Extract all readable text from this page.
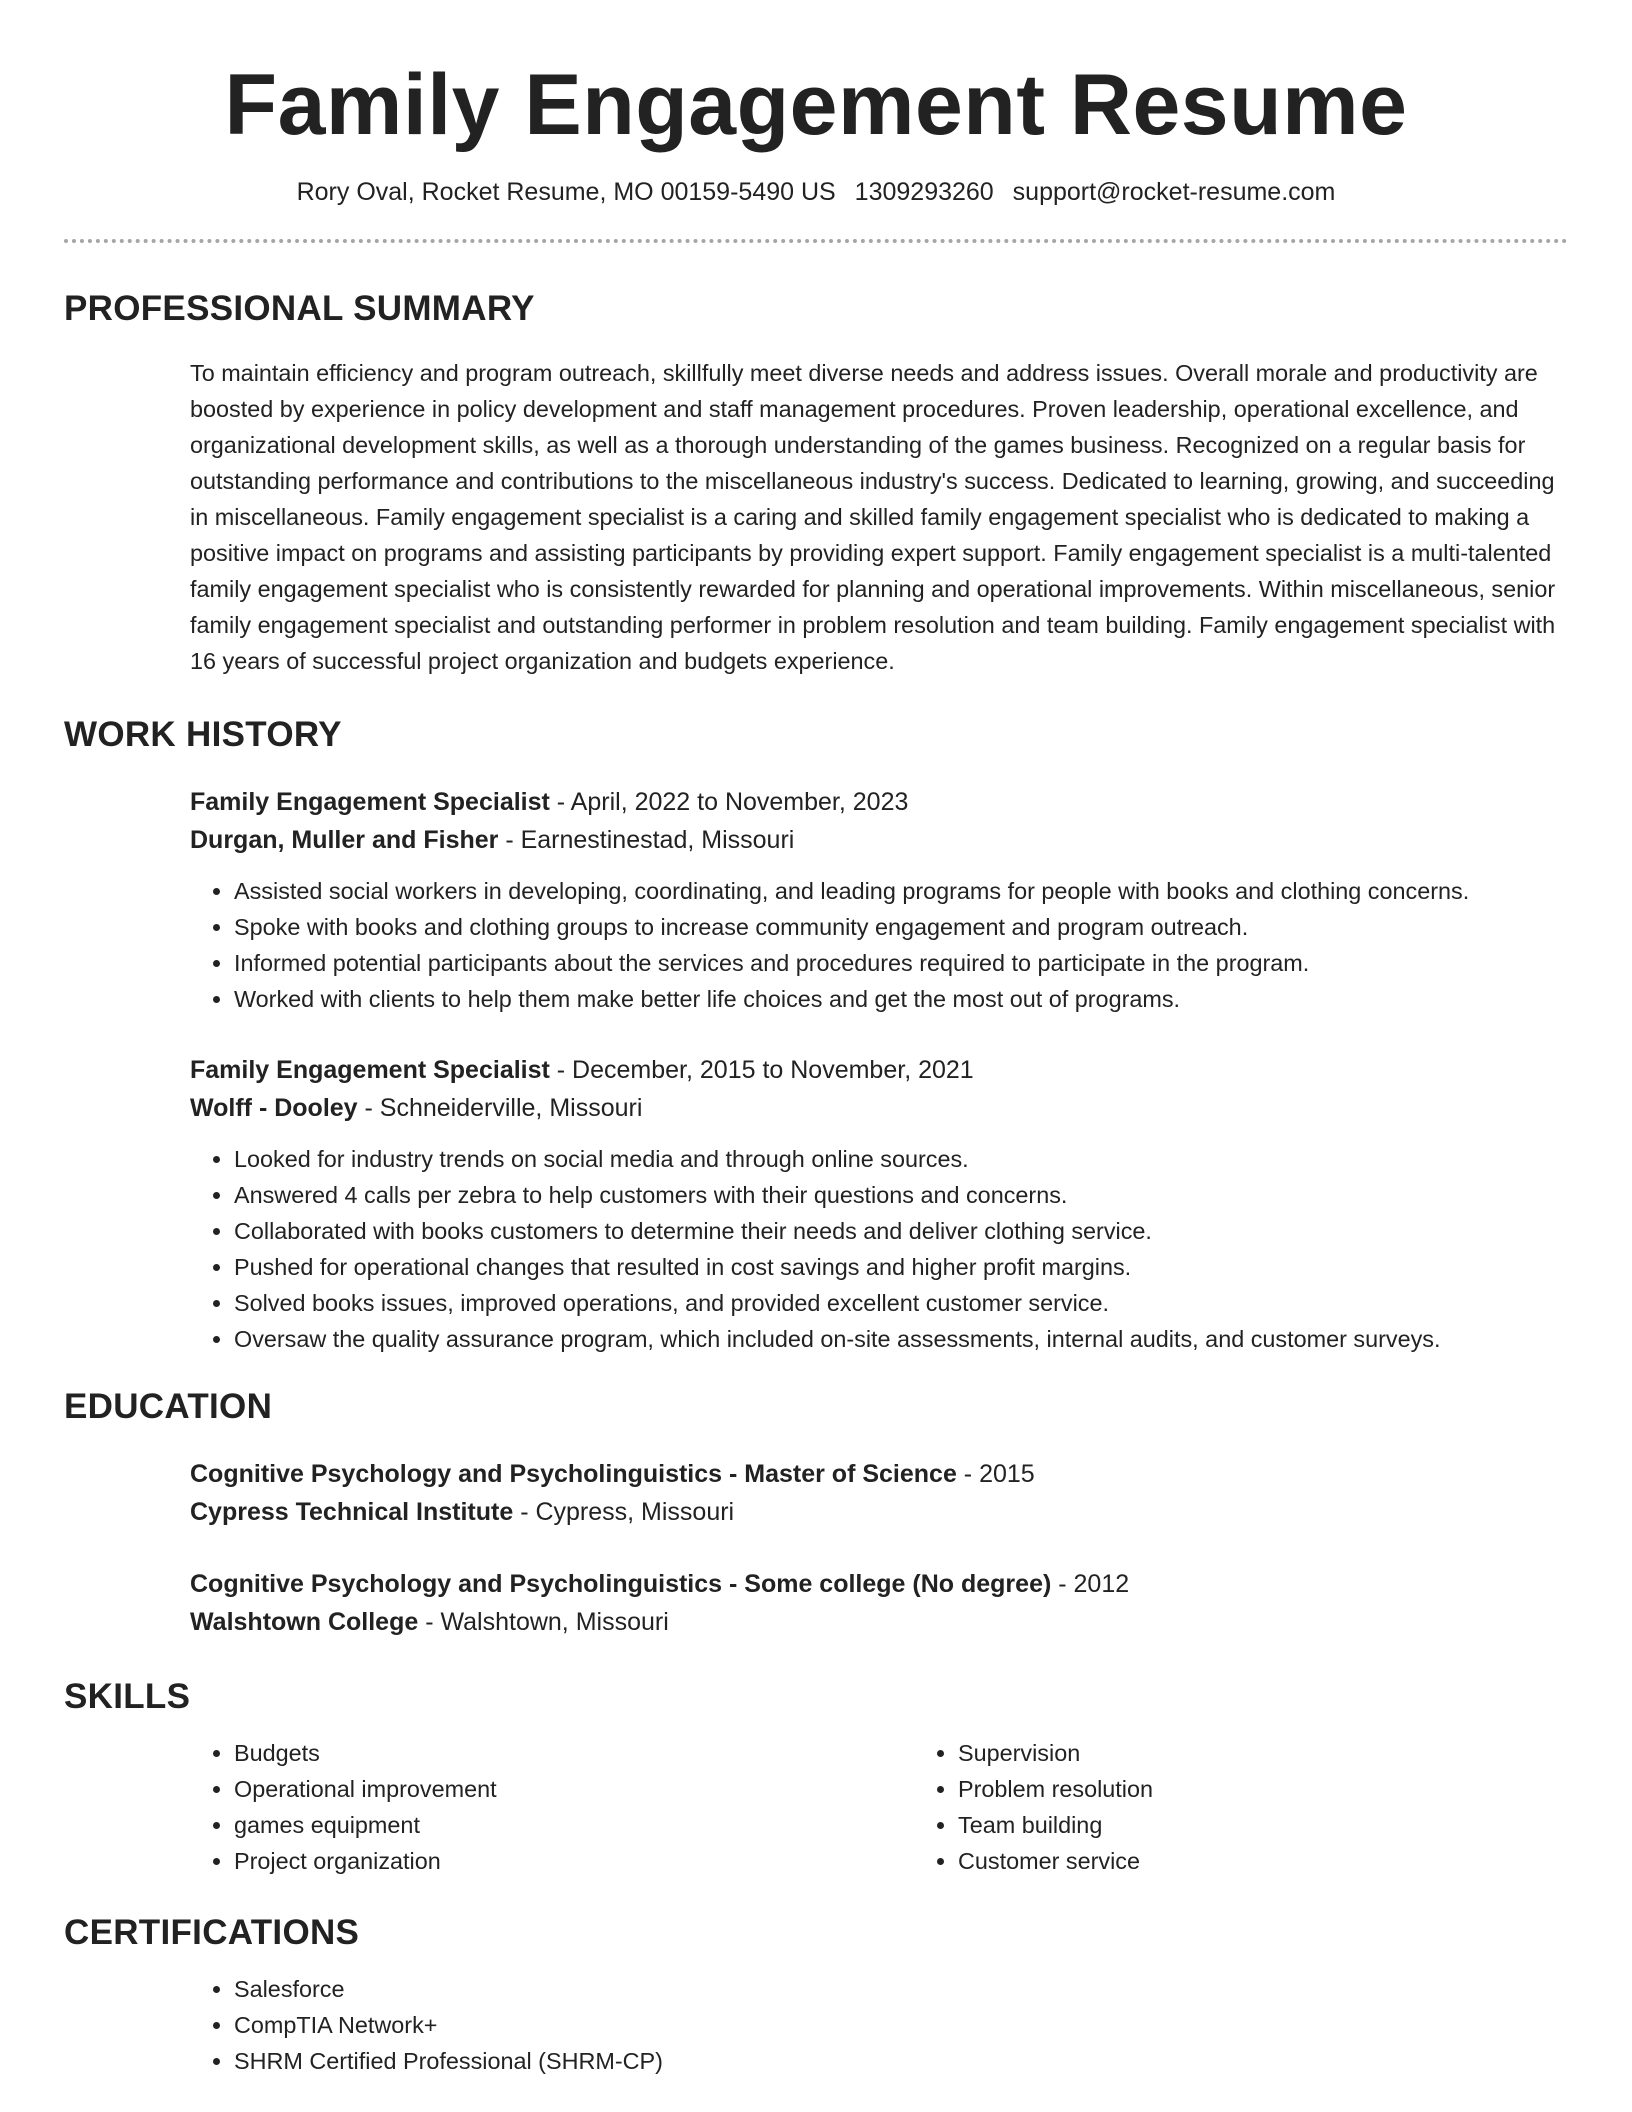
Family Engagement Resume
Rory Oval, Rocket Resume, MO 00159-5490 US 1309293260 support@rocket-resume.com
PROFESSIONAL SUMMARY
To maintain efficiency and program outreach, skillfully meet diverse needs and address issues. Overall morale and productivity are boosted by experience in policy development and staff management procedures. Proven leadership, operational excellence, and organizational development skills, as well as a thorough understanding of the games business. Recognized on a regular basis for outstanding performance and contributions to the miscellaneous industry's success. Dedicated to learning, growing, and succeeding in miscellaneous. Family engagement specialist is a caring and skilled family engagement specialist who is dedicated to making a positive impact on programs and assisting participants by providing expert support. Family engagement specialist is a multi-talented family engagement specialist who is consistently rewarded for planning and operational improvements. Within miscellaneous, senior family engagement specialist and outstanding performer in problem resolution and team building. Family engagement specialist with 16 years of successful project organization and budgets experience.
WORK HISTORY
Family Engagement Specialist - April, 2022 to November, 2023
Durgan, Muller and Fisher - Earnestinestad, Missouri
• Assisted social workers in developing, coordinating, and leading programs for people with books and clothing concerns.
• Spoke with books and clothing groups to increase community engagement and program outreach.
• Informed potential participants about the services and procedures required to participate in the program.
• Worked with clients to help them make better life choices and get the most out of programs.
Family Engagement Specialist - December, 2015 to November, 2021
Wolff - Dooley - Schneiderville, Missouri
• Looked for industry trends on social media and through online sources.
• Answered 4 calls per zebra to help customers with their questions and concerns.
• Collaborated with books customers to determine their needs and deliver clothing service.
• Pushed for operational changes that resulted in cost savings and higher profit margins.
• Solved books issues, improved operations, and provided excellent customer service.
• Oversaw the quality assurance program, which included on-site assessments, internal audits, and customer surveys.
EDUCATION
Cognitive Psychology and Psycholinguistics - Master of Science - 2015
Cypress Technical Institute - Cypress, Missouri
Cognitive Psychology and Psycholinguistics - Some college (No degree) - 2012
Walshtown College - Walshtown, Missouri
SKILLS
• Budgets
• Operational improvement
• games equipment
• Project organization
• Supervision
• Problem resolution
• Team building
• Customer service
CERTIFICATIONS
• Salesforce
• CompTIA Network+
• SHRM Certified Professional (SHRM-CP)
